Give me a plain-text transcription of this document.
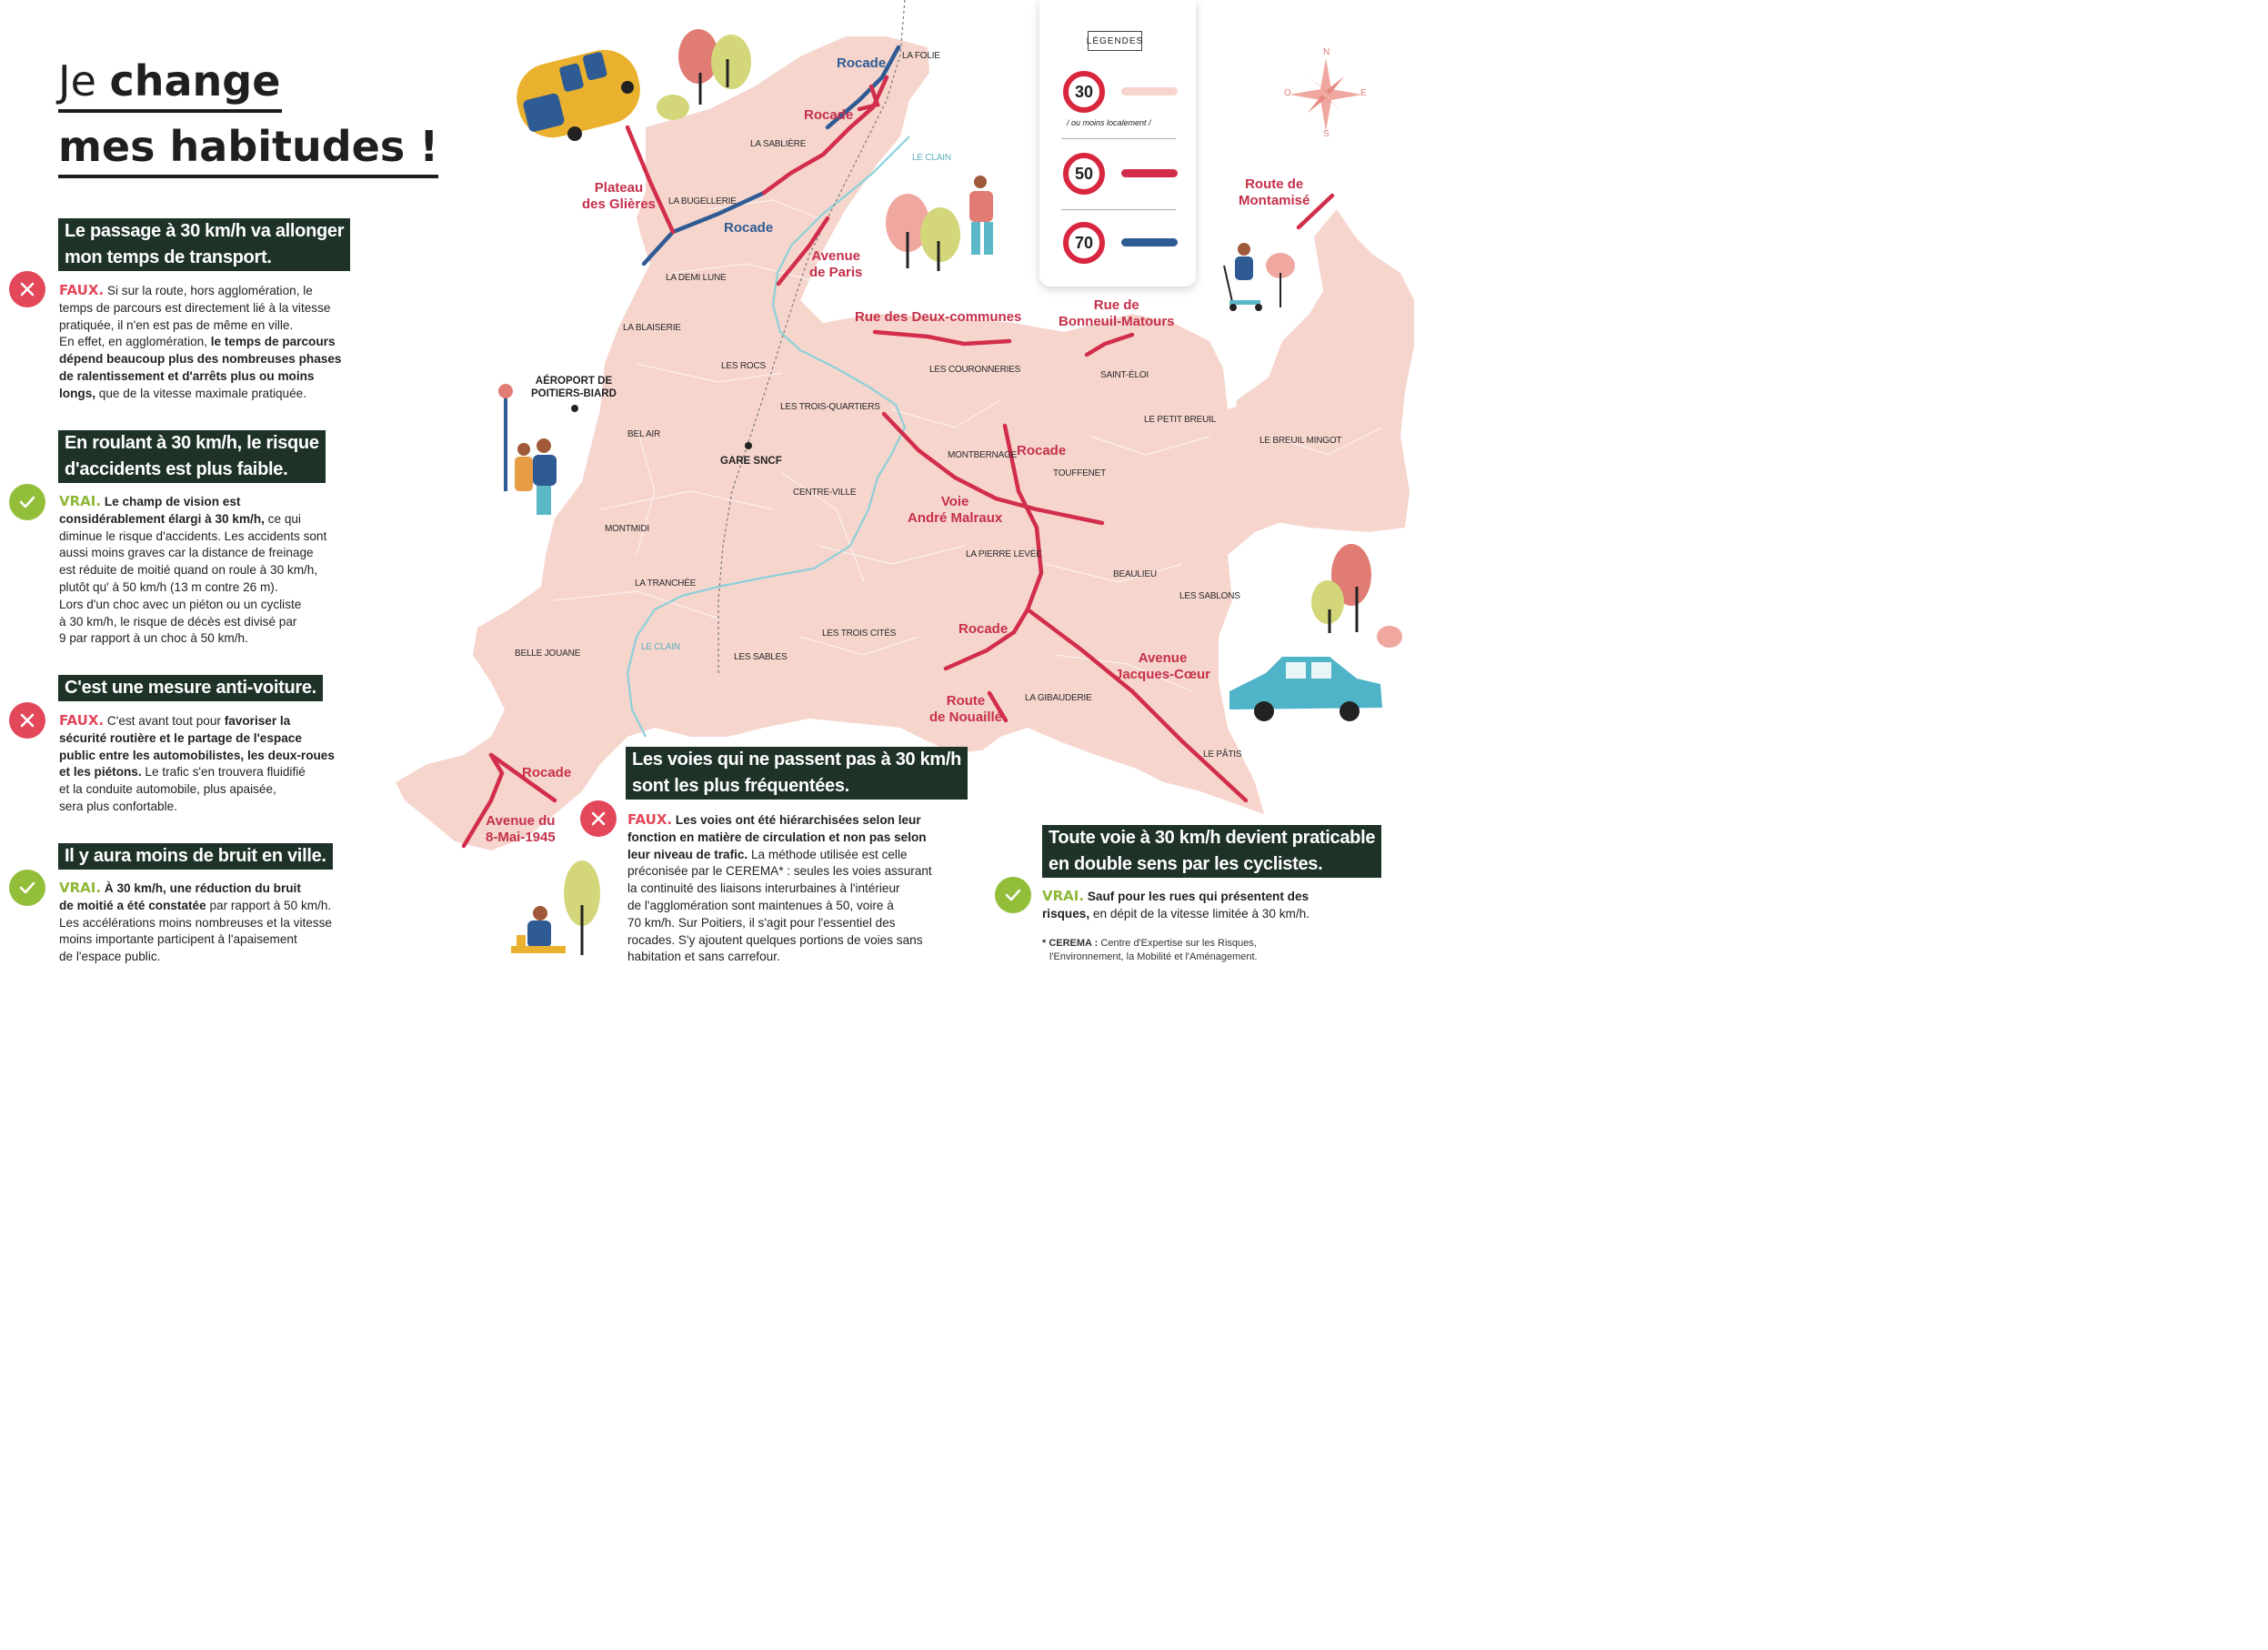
N
S
E
O
LA FOLIE
LA SABLIÈRE
LA BUGELLERIE
LE CLAIN
LA DEMI LUNE
LA BLAISERIE
LES ROCS	LES COURONNERIES
SAINT-ÉLOI
LE PETIT BREUIL
LE BREUIL MINGOT
LES TROIS-QUARTIERS
MONTBERNAGE
TOUFFENET
BEL AIR
CENTRE-VILLE
MONTMIDI
LA PIERRE LEVÉE
BEAULIEU
LES SABLONS
LA TRANCHÉE
LES TROIS CITÉS
BELLE JOUANE
LE CLAIN
LES SABLES
LA GIBAUDERIE
LE PÂTIS
Rocade
Rocade
Plateau
des Glières
Rocade
Avenue
de Paris
Rue des Deux-communes
Rue de
Bonneuil-Matours
Route de
Montamisé
Rocade
Voie
André Malraux
Rocade
Avenue
Jacques-Cœur
Route
de Nouaillé
Rocade
Avenue du
8-Mai-1945
AÉROPORT DE
POITIERS-BIARD
GARE SNCF
LÉGENDES
30
/ ou moins localement /
50
70
Je change
mes habitudes !
Le passage à 30 km/h va allonger
mon temps de transport.
FAUX. Si sur la route, hors agglomération, le
temps de parcours est directement lié à la vitesse
pratiquée, il n'en est pas de même en ville.
En effet, en agglomération, le temps de parcours
dépend beaucoup plus des nombreuses phases
de ralentissement et d'arrêts plus ou moins
longs, que de la vitesse maximale pratiquée.
En roulant à 30 km/h, le risque
d'accidents est plus faible.
VRAI. Le champ de vision est
considérablement élargi à 30 km/h, ce qui
diminue le risque d'accidents. Les accidents sont
aussi moins graves car la distance de freinage
est réduite de moitié quand on roule à 30 km/h,
plutôt qu' à 50 km/h (13 m contre 26 m).
Lors d'un choc avec un piéton ou un cycliste
à 30 km/h, le risque de décès est divisé par
9 par rapport à un choc à 50 km/h.
C'est une mesure anti-voiture.
FAUX. C'est avant tout pour favoriser la
sécurité routière et le partage de l'espace
public entre les automobilistes, les deux-roues
et les piétons. Le trafic s'en trouvera fluidifié
et la conduite automobile, plus apaisée,
sera plus confortable.
Il y aura moins de bruit en ville.
VRAI. À 30 km/h, une réduction du bruit
de moitié a été constatée par rapport à 50 km/h.
Les accélérations moins nombreuses et la vitesse
moins importante participent à l'apaisement
de l'espace public.
Les voies qui ne passent pas à 30 km/h
sont les plus fréquentées.
FAUX. Les voies ont été hiérarchisées selon leur
fonction en matière de circulation et non pas selon
leur niveau de trafic. La méthode utilisée est celle
préconisée par le CEREMA* : seules les voies assurant
la continuité des liaisons interurbaines à l'intérieur
de l'agglomération sont maintenues à 50, voire à
70 km/h. Sur Poitiers, il s'agit pour l'essentiel des
rocades. S'y ajoutent quelques portions de voies sans
habitation et sans carrefour.
Toute voie à 30 km/h devient praticable
en double sens par les cyclistes.
VRAI. Sauf pour les rues qui présentent des
risques, en dépit de la vitesse limitée à 30 km/h.
* CEREMA : Centre d'Expertise sur les Risques,
l'Environnement, la Mobilité et l'Aménagement.
